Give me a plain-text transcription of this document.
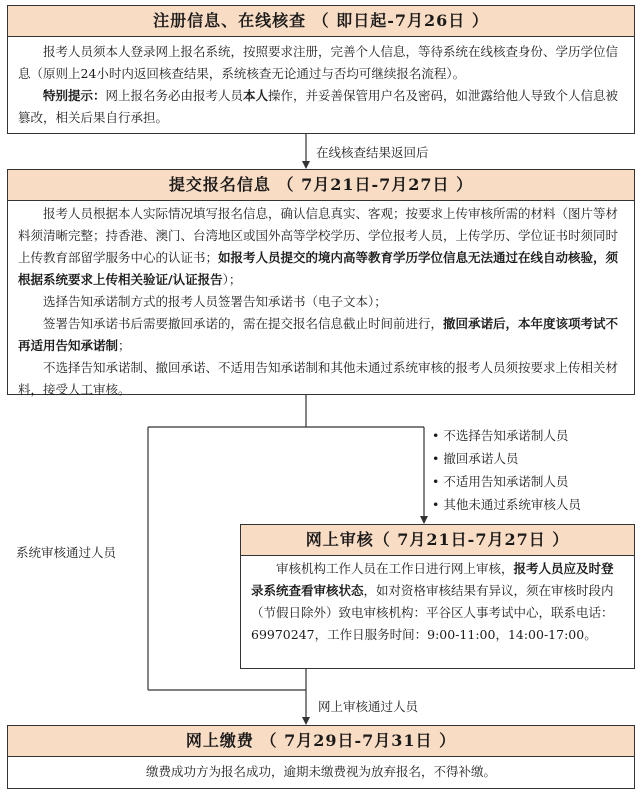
注册信息、在线核查 （ 即日起-7月26日 ）

报考人员须本人登录网上报名系统，按照要求注册，完善个人信息，等待系统在线核查身份、学历学位信息（原则上24小时内返回核查结果，系统核查无论通过与否均可继续报名流程）。

特别提示：网上报名务必由报考人员本人操作，并妥善保管用户名及密码，如泄露给他人导致个人信息被篡改，相关后果自行承担。

在线核查结果返回后
提交报名信息 （ 7月21日-7月27日 ）

报考人员根据本人实际情况填写报名信息，确认信息真实、客观；按要求上传审核所需的材料（图片等材料须清晰完整；持香港、澳门、台湾地区或国外高等学校学历、学位报考人员，上传学历、学位证书时须同时上传教育部留学服务中心的认证书；如报考人员提交的境内高等教育学历学位信息无法通过在线自动核验，须根据系统要求上传相关验证/认证报告）；

选择告知承诺制方式的报考人员签署告知承诺书（电子文本）；

签署告知承诺书后需要撤回承诺的，需在提交报名信息截止时间前进行，撤回承诺后，本年度该项考试不再适用告知承诺制；

不选择告知承诺制、撤回承诺、不适用告知承诺制和其他未通过系统审核的报考人员须按要求上传相关材料，接受人工审核。

• 不选择告知承诺制人员
• 撤回承诺人员
• 不适用告知承诺制人员
• 其他未通过系统审核人员
系统审核通过人员
网上审核（ 7月21日-7月27日 ）

审核机构工作人员在工作日进行网上审核，报考人员应及时登录系统查看审核状态，如对资格审核结果有异议，须在审核时段内（节假日除外）致电审核机构：平谷区人事考试中心，联系电话：69970247，工作日服务时间：9:00-11:00，14:00-17:00。

网上审核通过人员
网上缴费 （ 7月29日-7月31日 ）
缴费成功方为报名成功，逾期未缴费视为放弃报名，不得补缴。
